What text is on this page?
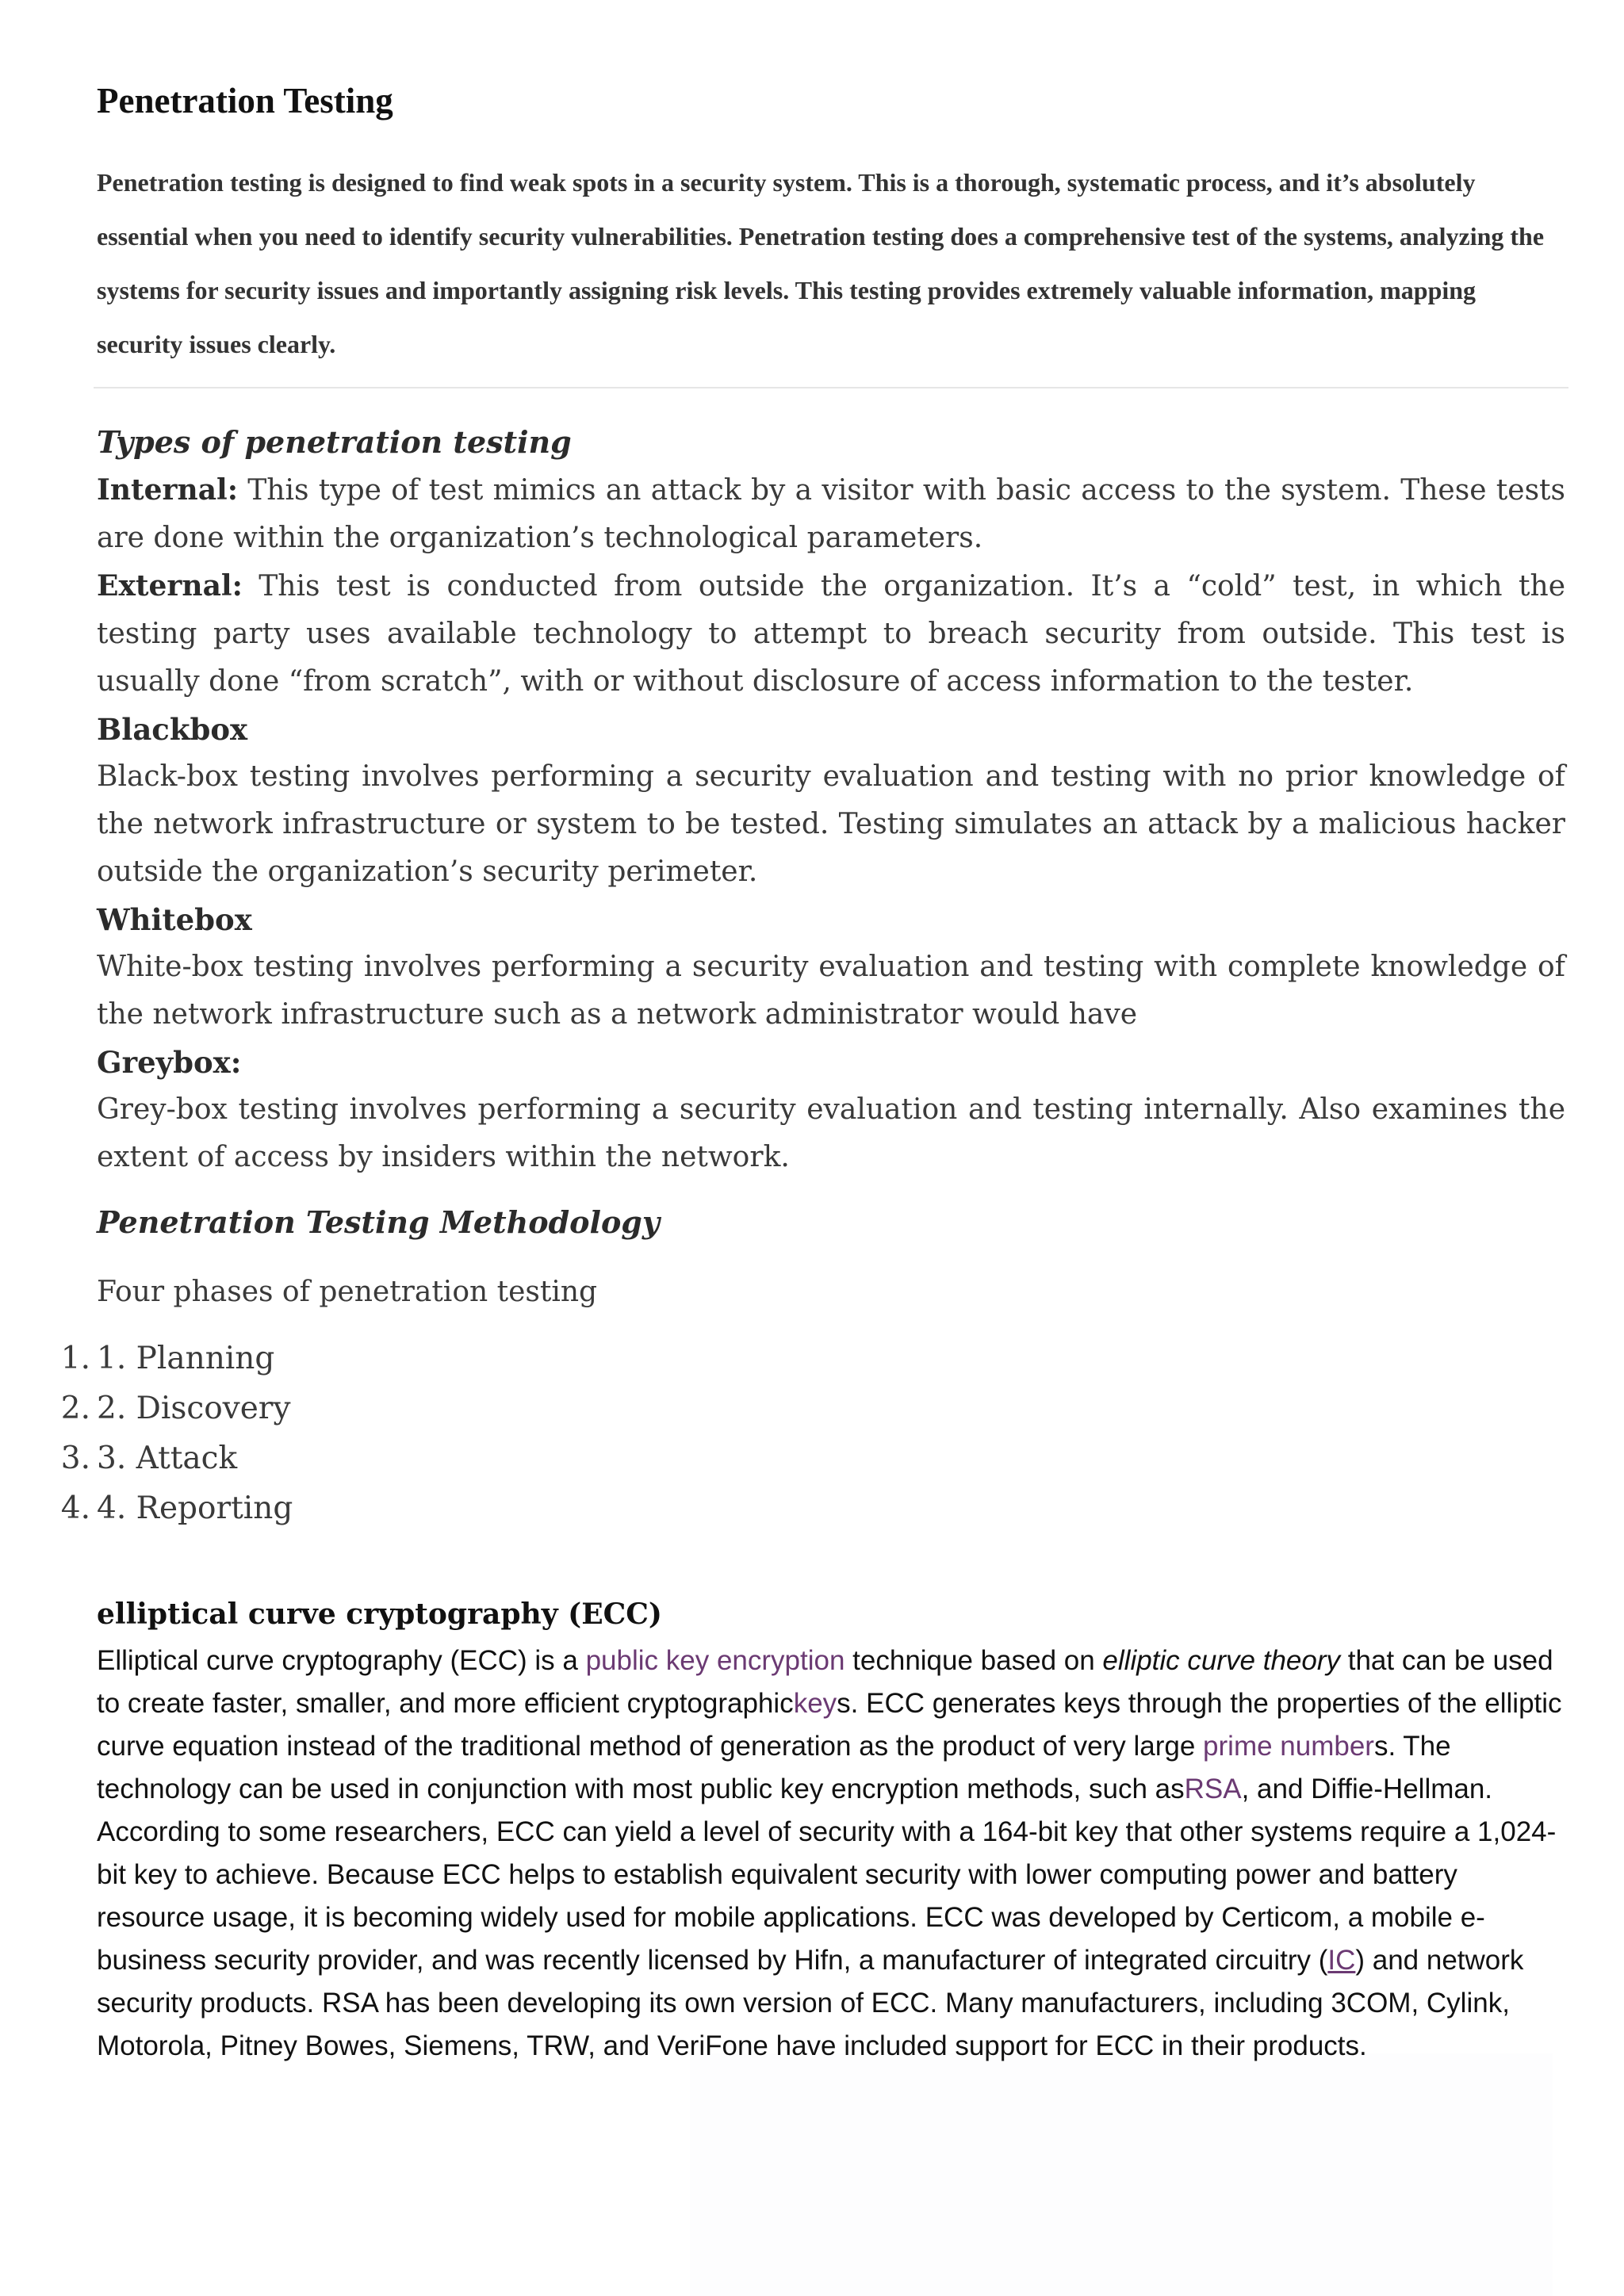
Penetration Testing

Penetration testing is designed to find weak spots in a security system. This is a thorough, systematic process, and it’s absolutely essential when you need to identify security vulnerabilities. Penetration testing does a comprehensive test of the systems, analyzing the systems for security issues and importantly assigning risk levels. This testing provides extremely valuable information, mapping security issues clearly.

Types of penetration testing

Internal: This type of test mimics an attack by a visitor with basic access to the system. These tests are done within the organization’s technological parameters.

External: This test is conducted from outside the organization. It’s a “cold” test, in which the testing party uses available technology to attempt to breach security from outside. This test is usually done “from scratch”, with or without disclosure of access information to the tester.

Blackbox

Black-box testing involves performing a security evaluation and testing with no prior knowledge of the network infrastructure or system to be tested. Testing simulates an attack by a malicious hacker outside the organization’s security perimeter.

Whitebox

White-box testing involves performing a security evaluation and testing with complete knowledge of the network infrastructure such as a network administrator would have

Greybox:

Grey-box testing involves performing a security evaluation and testing internally. Also examines the extent of access by insiders within the network.

Penetration Testing Methodology

Four phases of penetration testing

1. 1. Planning
2. 2. Discovery
3. 3. Attack
4. 4. Reporting

elliptical curve cryptography (ECC)

Elliptical curve cryptography (ECC) is a public key encryption technique based on elliptic curve theory that can be used to create faster, smaller, and more efficient cryptographickeys. ECC generates keys through the properties of the elliptic curve equation instead of the traditional method of generation as the product of very large prime numbers. The technology can be used in conjunction with most public key encryption methods, such asRSA, and Diffie-Hellman. According to some researchers, ECC can yield a level of security with a 164-bit key that other systems require a 1,024-bit key to achieve. Because ECC helps to establish equivalent security with lower computing power and battery resource usage, it is becoming widely used for mobile applications. ECC was developed by Certicom, a mobile e-business security provider, and was recently licensed by Hifn, a manufacturer of integrated circuitry (IC) and network security products. RSA has been developing its own version of ECC. Many manufacturers, including 3COM, Cylink, Motorola, Pitney Bowes, Siemens, TRW, and VeriFone have included support for ECC in their products.
